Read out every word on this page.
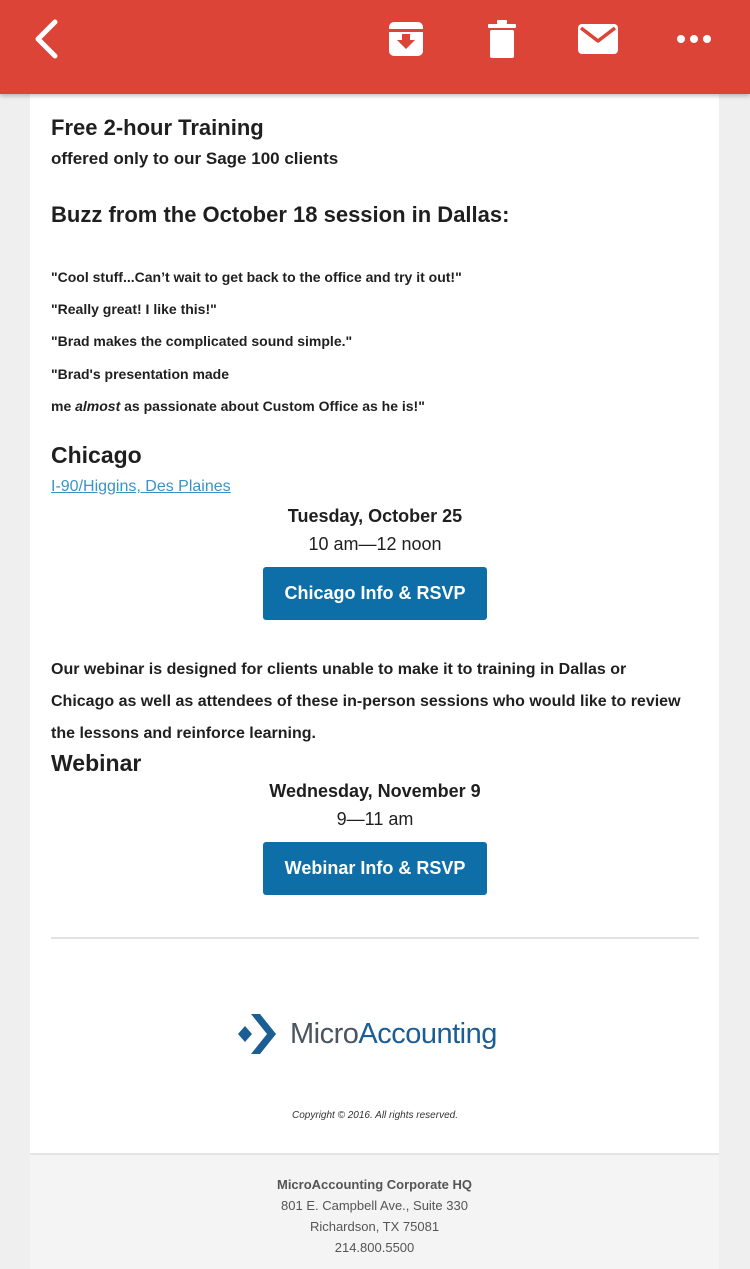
Free 2-hour Training
offered only to our Sage 100 clients
Buzz from the October 18 session in Dallas:
"Cool stuff...Can’t wait to get back to the office and try it out!"
"Really great! I like this!"
"Brad makes the complicated sound simple."
"Brad's presentation made
me almost as passionate about Custom Office as he is!"
Chicago
I-90/Higgins, Des Plaines
Tuesday, October 25
10 am—12 noon
Chicago Info & RSVP
Our webinar is designed for clients unable to make it to training in Dallas or Chicago as well as attendees of these in-person sessions who would like to review the lessons and reinforce learning.
Webinar
Wednesday, November 9
9—11 am
Webinar Info & RSVP
MicroAccounting
Copyright © 2016. All rights reserved.
MicroAccounting Corporate HQ
801 E. Campbell Ave., Suite 330
Richardson, TX 75081
214.800.5500
